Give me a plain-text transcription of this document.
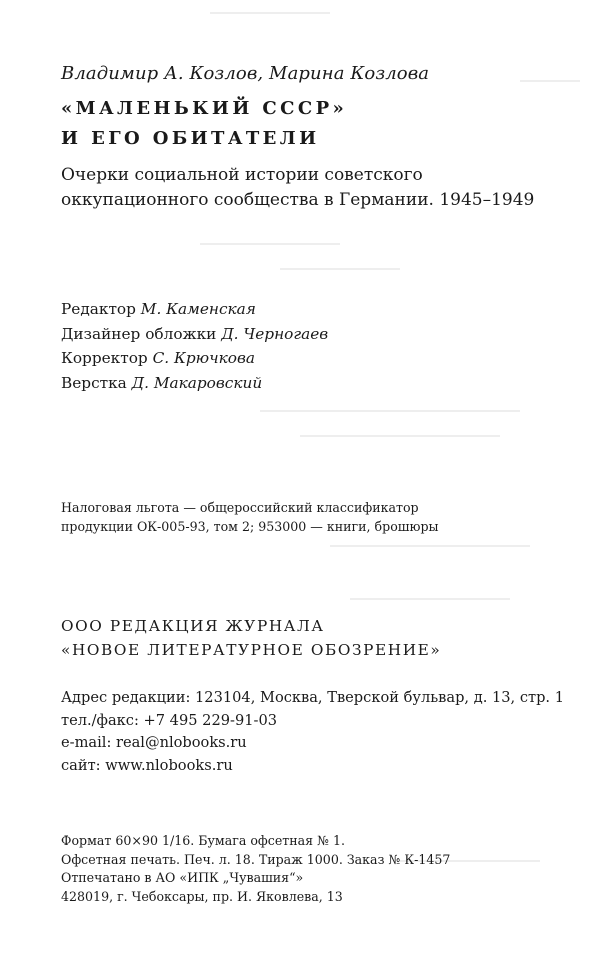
Владимир А. Козлов, Марина Козлова
«МАЛЕНЬКИЙ СССР»
И ЕГО ОБИТАТЕЛИ
Очерки социальной истории советского
оккупационного сообщества в Германии. 1945–1949
Редактор М. Каменская
Дизайнер обложки Д. Черногаев
Корректор С. Крючкова
Верстка Д. Макаровский
Налоговая льгота — общероссийский классификатор
продукции ОК-005-93, том 2; 953000 — книги, брошюры
ООО РЕДАКЦИЯ ЖУРНАЛА
«НОВОЕ ЛИТЕРАТУРНОЕ ОБОЗРЕНИЕ»
Адрес редакции: 123104, Москва, Тверской бульвар, д. 13, стр. 1
тел./факс: +7 495 229-91-03
e-mail: real@nlobooks.ru
сайт: www.nlobooks.ru
Формат 60×90 1/16. Бумага офсетная № 1.
Офсетная печать. Печ. л. 18. Тираж 1000. Заказ № К-1457
Отпечатано в АО «ИПК „Чувашия“»
428019, г. Чебоксары, пр. И. Яковлева, 13
